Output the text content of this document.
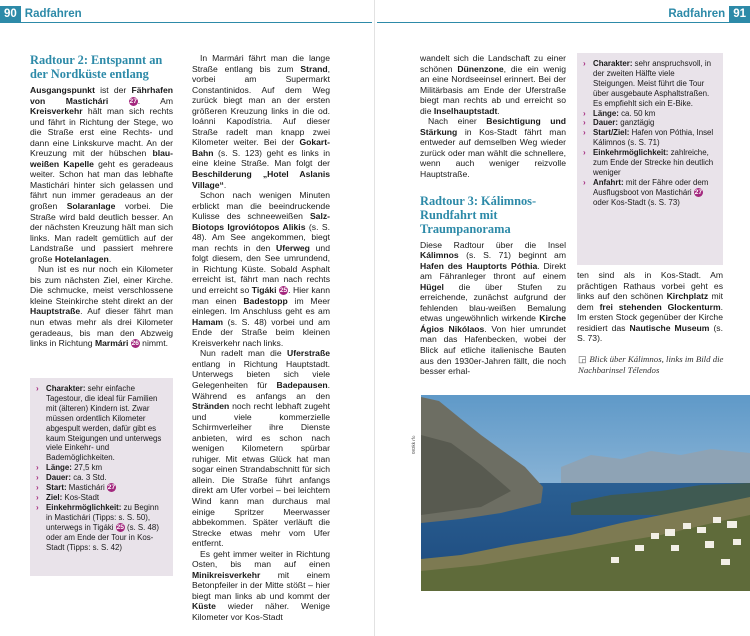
90 Radfahren
Radtour 2: Entspannt an der Nordküste entlang

Ausgangspunkt ist der Fährhafen von Mastichári	27. Am Kreisverkehr hält man sich rechts und fährt in Richtung der Stege, wo die Straße erst eine Rechts- und dann eine Linkskurve macht. An der Kreuzung mit der hübschen blau-weißen Kapelle geht es geradeaus weiter. Schon hat man das lebhafte Mastichári hinter sich gelassen und fährt nun immer geradeaus an der großen Solaranlage vorbei. Die Straße wird bald deutlich besser. An der nächsten Kreuzung hält man sich links. Man radelt gemütlich auf der Landstraße und passiert mehrere große Hotelanlagen.

Nun ist es nur noch ein Kilometer bis zum nächsten Ziel, einer Kirche. Die schmucke, meist verschlossene kleine Steinkirche steht direkt an der Hauptstraße. Auf dieser fährt man nun etwas mehr als drei Kilometer geradeaus, bis man den Abzweig links in Richtung Marmári 26 nimmt.

› Charakter: sehr einfache Tagestour, die ideal für Familien mit (älteren) Kindern ist. Zwar müssen ordentlich Kilometer abgespult werden, dafür gibt es kaum Steigungen und unterwegs viele Einkehr- und Bademöglichkeiten.
› Länge: 27,5 km
› Dauer: ca. 3 Std.
› Start: Mastichári 27
› Ziel: Kos-Stadt
› Einkehrmöglichkeit: zu Beginn in Mastichári (Tipps: s. S. 50), unterwegs in Tigáki 25 (s. S. 48) oder am Ende der Tour in Kos-Stadt (Tipps: s. S. 42)

In Marmári fährt man die lange Straße entlang bis zum Strand, vorbei am Supermarkt Constantinidos. Auf dem Weg zurück biegt man an der ersten größeren Kreuzung links in die od. Ioánni Kapodístria. Auf dieser Straße radelt man knapp zwei Kilometer weiter. Bei der Gokart-Bahn (s. S. 123) geht es links in eine kleine Straße. Man folgt der Beschilderung „Hotel Aslanis Village“.

Schon nach wenigen Minuten erblickt man die beeindruckende Kulisse des schneeweißen Salz-Biotops Igroviótopos Alikis (s. S. 48). Am See angekommen, biegt man rechts in den Uferweg und folgt diesem, den See umrundend, in Richtung Küste. Sobald Asphalt erreicht ist, fährt man nach rechts und erreicht so Tigáki 25. Hier kann man einen Badestopp im Meer einlegen. Im Anschluss geht es am Hamam (s. S. 48) vorbei und am Ende der Straße beim kleinen Kreisverkehr nach links.

Nun radelt man die Uferstraße entlang in Richtung Hauptstadt. Unterwegs bieten sich viele Gelegenheiten für Badepausen. Während es anfangs an den Stränden noch recht lebhaft zugeht und viele kommerzielle Schirmverleiher ihre Dienste anbieten, wird es schon nach wenigen Kilometern spürbar ruhiger. Mit etwas Glück hat man sogar einen Strandabschnitt für sich allein. Die Straße führt anfangs direkt am Ufer vorbei – bei leichtem Wind kann man durchaus mal einige Spritzer Meerwasser abbekommen. Später verläuft die Strecke etwas mehr vom Ufer entfernt.

Es geht immer weiter in Richtung Osten, bis man auf einen Minikreisverkehr mit einem Betonpfeiler in der Mitte stößt – hier biegt man links ab und kommt der Küste wieder näher. Wenige Kilometer vor Kos-Stadt

Radfahren 91

wandelt sich die Landschaft zu einer schönen Dünenzone, die ein wenig an eine Nordseeinsel erinnert. Bei der Militärbasis am Ende der Uferstraße biegt man rechts ab und erreicht so die Inselhauptstadt.

Nach einer Besichtigung und Stärkung in Kos-Stadt fährt man entweder auf demselben Weg wieder zurück oder man wählt die schnellere, wenn auch weniger reizvolle Hauptstraße.

Radtour 3: Kálimnos-Rundfahrt mit Traumpanorama

Diese Radtour über die Insel Kálimnos (s. S. 71) beginnt am Hafen des Hauptorts Póthia. Direkt am Fähranleger thront auf einem Hügel die über Stufen zu erreichende, zunächst aufgrund der fehlenden blau-weißen Bemalung etwas ungewöhnlich wirkende Kirche Ágios Nikólaos. Von hier umrundet man das Hafenbecken, wobei der Blick auf etliche italienische Bauten aus den 1930er-Jahren fällt, die noch besser erhal-

› Charakter: sehr anspruchsvoll, in der zweiten Hälfte viele Steigungen. Meist führt die Tour über ausgebaute Asphaltstraßen. Es empfiehlt sich ein E-Bike.
› Länge: ca. 50 km
› Dauer: ganztägig
› Start/Ziel: Hafen von Póthia, Insel Kálimnos (s. S. 71)
› Einkehrmöglichkeit: zahlreiche, zum Ende der Strecke hin deutlich weniger
› Anfahrt: mit der Fähre oder dem Ausflugsboot von Mastichári 27 oder Kos-Stadt (s. S. 73)

ten sind als in Kos-Stadt. Am prächtigen Rathaus vorbei geht es links auf den schönen Kirchplatz mit dem frei stehenden Glockenturm. Im ersten Stock gegenüber der Kirche residiert das Nautische Museum (s. S. 73).

◲ Blick über Kálimnos, links im Bild die Nachbarinsel Télendos
083kk rfo
